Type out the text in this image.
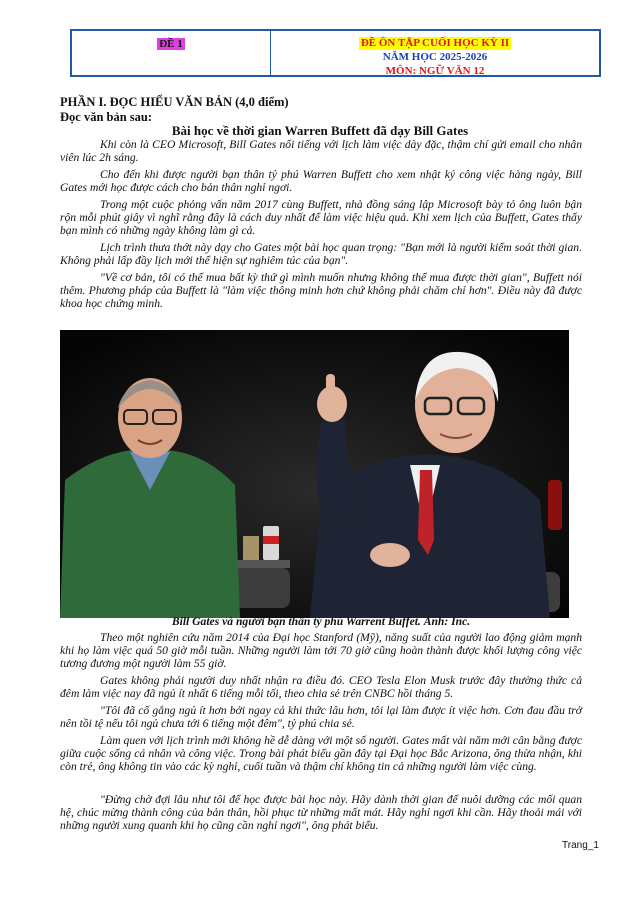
ĐỀ 1	ĐỀ ÔN TẬP CUỐI HỌC KỲ II
NĂM HỌC 2025-2026
MÔN: NGỮ VĂN 12
PHẦN I. ĐỌC HIỂU VĂN BẢN (4,0 điểm)
Đọc văn bản sau:
Bài học về thời gian Warren Buffett đã dạy Bill Gates

Khi còn là CEO Microsoft, Bill Gates nổi tiếng với lịch làm việc dày đặc, thậm chí gửi email cho nhân viên lúc 2h sáng.

Cho đến khi được người bạn thân tỷ phú Warren Buffett cho xem nhật ký công việc hàng ngày, Bill Gates mới học được cách cho bản thân nghỉ ngơi.

Trong một cuộc phỏng vấn năm 2017 cùng Buffett, nhà đồng sáng lập Microsoft bày tỏ ông luôn bận rộn mỗi phút giây vì nghĩ rằng đây là cách duy nhất để làm việc hiệu quả. Khi xem lịch của Buffett, Gates thấy bạn mình có những ngày không làm gì cả.

Lịch trình thưa thớt này dạy cho Gates một bài học quan trọng: "Bạn mới là người kiểm soát thời gian. Không phải lấp đầy lịch mới thể hiện sự nghiêm túc của bạn".

"Về cơ bản, tôi có thể mua bất kỳ thứ gì mình muốn nhưng không thể mua được thời gian", Buffett nói thêm. Phương pháp của Buffett là "làm việc thông minh hơn chứ không phải chăm chỉ hơn". Điều này đã được khoa học chứng minh.

Bill Gates và người bạn thân tỷ phú Warrent Buffet. Ảnh: Inc.

Theo một nghiên cứu năm 2014 của Đại học Stanford (Mỹ), năng suất của người lao động giảm mạnh khi họ làm việc quá 50 giờ mỗi tuần. Những người làm tới 70 giờ cũng hoàn thành được khối lượng công việc tương đương một người làm 55 giờ.

Gates không phải người duy nhất nhận ra điều đó. CEO Tesla Elon Musk trước đây thường thức cả đêm làm việc nay đã ngủ ít nhất 6 tiếng mỗi tối, theo chia sẻ trên CNBC hồi tháng 5.

"Tôi đã cố gắng ngủ ít hơn bởi ngay cả khi thức lâu hơn, tôi lại làm được ít việc hơn. Cơn đau đầu trở nên tồi tệ nếu tôi ngủ chưa tới 6 tiếng một đêm", tỷ phú chia sẻ.

Làm quen với lịch trình mới không hề dễ dàng với một số người. Gates mất vài năm mới cân bằng được giữa cuộc sống cá nhân và công việc. Trong bài phát biểu gần đây tại Đại học Bắc Arizona, ông thừa nhận, khi còn trẻ, ông không tin vào các kỳ nghỉ, cuối tuần và thậm chí không tin cả những người làm việc cùng.

"Đừng chờ đợi lâu như tôi để học được bài học này. Hãy dành thời gian để nuôi dưỡng các mối quan hệ, chúc mừng thành công của bản thân, hồi phục từ những mất mát. Hãy nghỉ ngơi khi cần. Hãy thoải mái với những người xung quanh khi họ cũng cần nghỉ ngơi", ông phát biểu.

Trang_1
